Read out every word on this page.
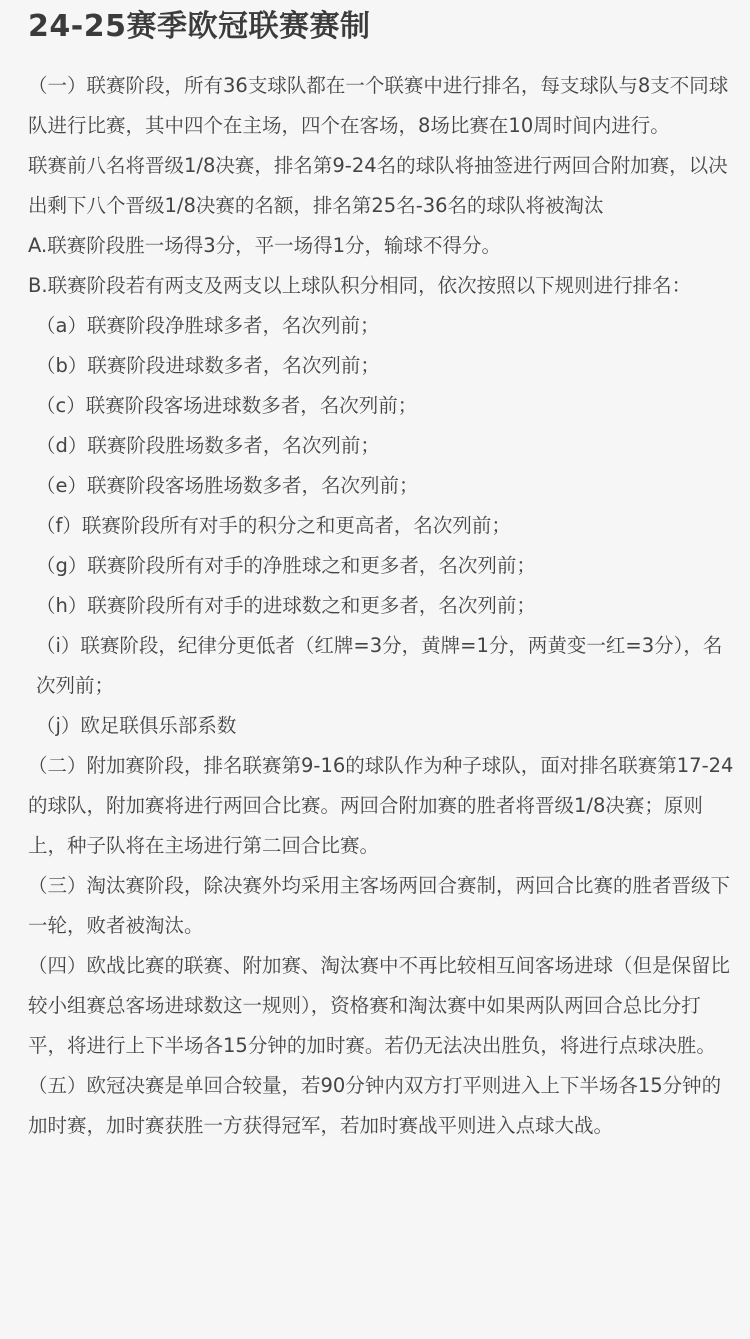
24-25赛季欧冠联赛赛制

（一）联赛阶段，所有36支球队都在一个联赛中进行排名，每支球队与8支不同球队进行比赛，其中四个在主场，四个在客场，8场比赛在10周时间内进行。

联赛前八名将晋级1/8决赛，排名第9-24名的球队将抽签进行两回合附加赛，以决出剩下八个晋级1/8决赛的名额，排名第25名-36名的球队将被淘汰

A.联赛阶段胜一场得3分，平一场得1分，输球不得分。

B.联赛阶段若有两支及两支以上球队积分相同，依次按照以下规则进行排名：

（a）联赛阶段净胜球多者，名次列前；

（b）联赛阶段进球数多者，名次列前；

（c）联赛阶段客场进球数多者，名次列前；

（d）联赛阶段胜场数多者，名次列前；

（e）联赛阶段客场胜场数多者，名次列前；

（f）联赛阶段所有对手的积分之和更高者，名次列前；

（g）联赛阶段所有对手的净胜球之和更多者，名次列前；

（h）联赛阶段所有对手的进球数之和更多者，名次列前；

（i）联赛阶段，纪律分更低者（红牌=3分，黄牌=1分，两黄变一红=3分），名次列前；

（j）欧足联俱乐部系数

（二）附加赛阶段，排名联赛第9-16的球队作为种子球队，面对排名联赛第17-24的球队，附加赛将进行两回合比赛。两回合附加赛的胜者将晋级1/8决赛；原则上，种子队将在主场进行第二回合比赛。

（三）淘汰赛阶段，除决赛外均采用主客场两回合赛制，两回合比赛的胜者晋级下一轮，败者被淘汰。

（四）欧战比赛的联赛、附加赛、淘汰赛中不再比较相互间客场进球（但是保留比较小组赛总客场进球数这一规则），资格赛和淘汰赛中如果两队两回合总比分打平，将进行上下半场各15分钟的加时赛。若仍无法决出胜负，将进行点球决胜。

（五）欧冠决赛是单回合较量，若90分钟内双方打平则进入上下半场各15分钟的加时赛，加时赛获胜一方获得冠军，若加时赛战平则进入点球大战。
